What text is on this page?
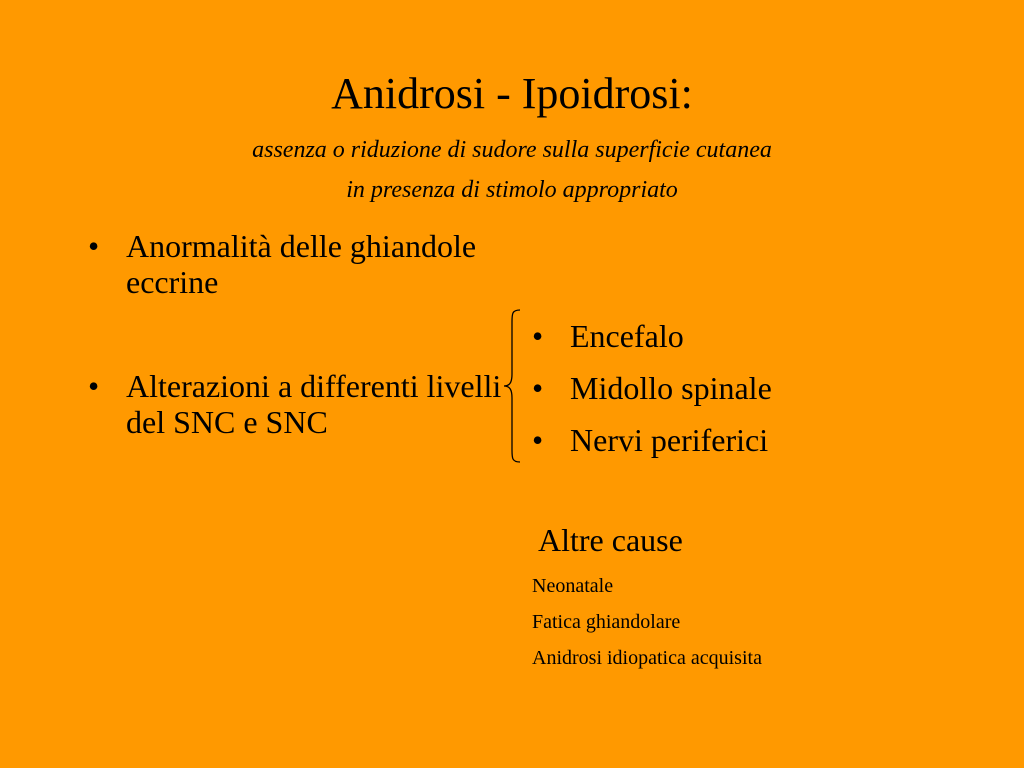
Anidrosi - Ipoidrosi:
assenza o riduzione di sudore sulla superficie cutanea
in presenza di stimolo appropriato
• Anormalità delle ghiandole eccrine
• Alterazioni a differenti livelli del SNC e SNC
• Encefalo
• Midollo spinale
• Nervi periferici
Altre cause
Neonatale
Fatica ghiandolare
Anidrosi idiopatica acquisita
